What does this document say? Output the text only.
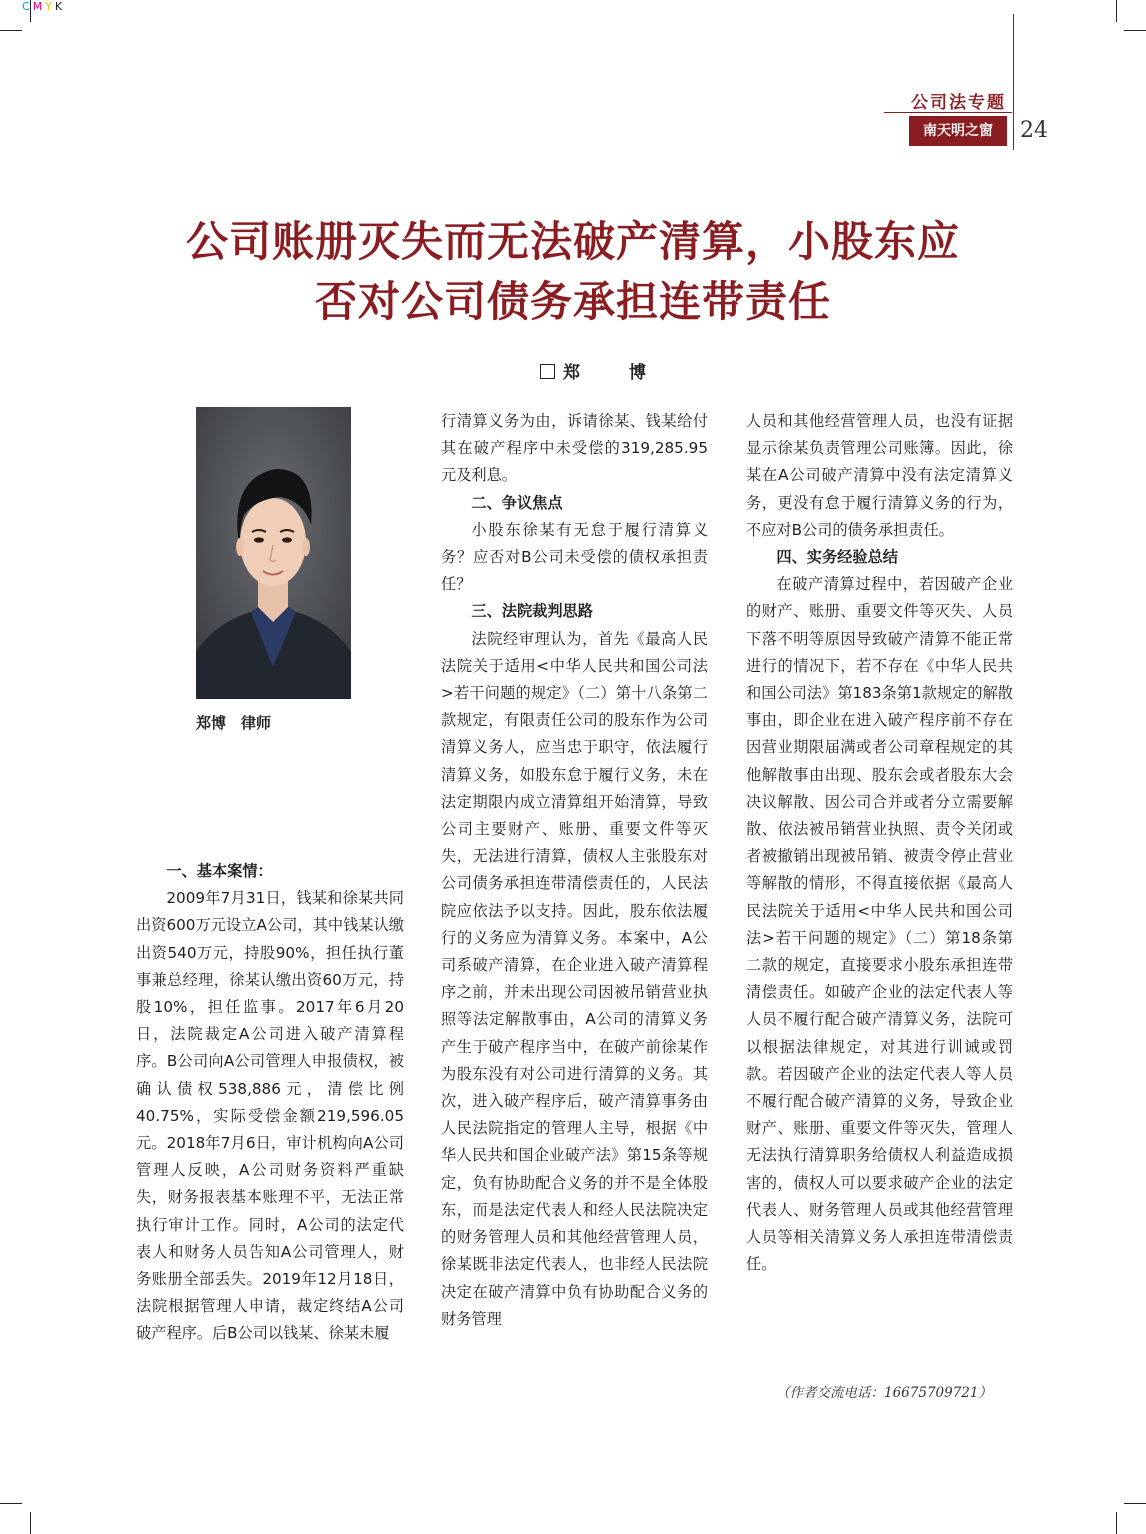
CMYK
公司法专题
南天明之窗	24
公司账册灭失而无法破产清算，小股东应
否对公司债务承担连带责任
郑　博
郑博　律师
一、基本案情：

2009年7月31日，钱某和徐某共同出资600万元设立A公司，其中钱某认缴出资540万元，持股90%，担任执行董事兼总经理，徐某认缴出资60万元，持股10%，担任监事。2017年6月20日，法院裁定A公司进入破产清算程序。B公司向A公司管理人申报债权，被确认债权538,886元，清偿比例40.75%，实际受偿金额219,596.05元。2018年7月6日，审计机构向A公司管理人反映，A公司财务资料严重缺失，财务报表基本账理不平，无法正常执行审计工作。同时，A公司的法定代表人和财务人员告知A公司管理人，财务账册全部丢失。2019年12月18日，法院根据管理人申请，裁定终结A公司破产程序。后B公司以钱某、徐某未履

行清算义务为由，诉请徐某、钱某给付其在破产程序中未受偿的319,285.95元及利息。

二、争议焦点

小股东徐某有无怠于履行清算义务？应否对B公司未受偿的债权承担责任？

三、法院裁判思路

法院经审理认为，首先《最高人民法院关于适用<中华人民共和国公司法>若干问题的规定》（二）第十八条第二款规定，有限责任公司的股东作为公司清算义务人，应当忠于职守，依法履行清算义务，如股东怠于履行义务，未在法定期限内成立清算组开始清算，导致公司主要财产、账册、重要文件等灭失，无法进行清算，债权人主张股东对公司债务承担连带清偿责任的，人民法院应依法予以支持。因此，股东依法履行的义务应为清算义务。本案中，A公司系破产清算，在企业进入破产清算程序之前，并未出现公司因被吊销营业执照等法定解散事由，A公司的清算义务产生于破产程序当中，在破产前徐某作为股东没有对公司进行清算的义务。其次，进入破产程序后，破产清算事务由人民法院指定的管理人主导，根据《中华人民共和国企业破产法》第15条等规定，负有协助配合义务的并不是全体股东，而是法定代表人和经人民法院决定的财务管理人员和其他经营管理人员，徐某既非法定代表人，也非经人民法院决定在破产清算中负有协助配合义务的财务管理

人员和其他经营管理人员，也没有证据显示徐某负责管理公司账簿。因此，徐某在A公司破产清算中没有法定清算义务，更没有怠于履行清算义务的行为，不应对B公司的债务承担责任。

四、实务经验总结

在破产清算过程中，若因破产企业的财产、账册、重要文件等灭失、人员下落不明等原因导致破产清算不能正常进行的情况下，若不存在《中华人民共和国公司法》第183条第1款规定的解散事由，即企业在进入破产程序前不存在因营业期限届满或者公司章程规定的其他解散事由出现、股东会或者股东大会决议解散、因公司合并或者分立需要解散、依法被吊销营业执照、责令关闭或者被撤销出现被吊销、被责令停止营业等解散的情形，不得直接依据《最高人民法院关于适用<中华人民共和国公司法>若干问题的规定》（二）第18条第二款的规定，直接要求小股东承担连带清偿责任。如破产企业的法定代表人等人员不履行配合破产清算义务，法院可以根据法律规定，对其进行训诫或罚款。若因破产企业的法定代表人等人员不履行配合破产清算的义务，导致企业财产、账册、重要文件等灭失，管理人无法执行清算职务给债权人利益造成损害的，债权人可以要求破产企业的法定代表人、财务管理人员或其他经营管理人员等相关清算义务人承担连带清偿责任。

（作者交流电话：16675709721）
